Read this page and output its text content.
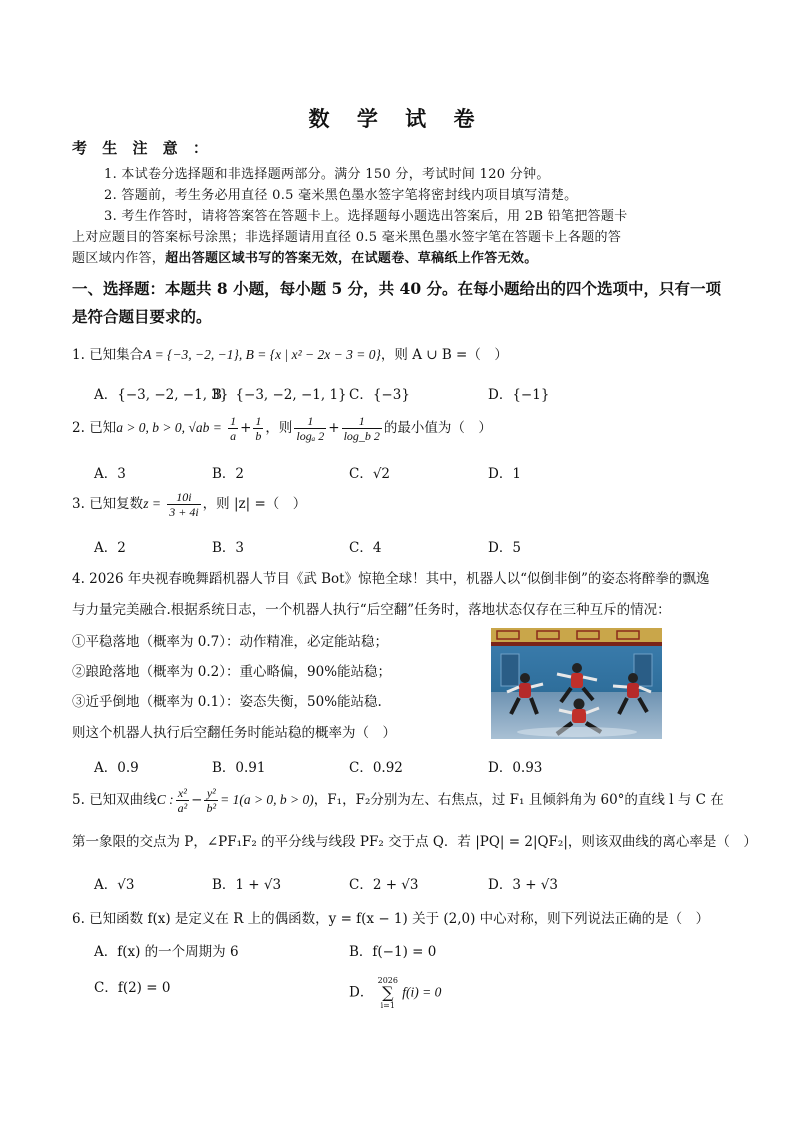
数 学 试 卷
考 生 注 意 ：
1. 本试卷分选择题和非选择题两部分。满分 150 分，考试时间 120 分钟。
2. 答题前，考生务必用直径 0.5 毫米黑色墨水签字笔将密封线内项目填写清楚。
3. 考生作答时，请将答案答在答题卡上。选择题每小题选出答案后，用 2B 铅笔把答题卡
上对应题目的答案标号涂黑；非选择题请用直径 0.5 毫米黑色墨水签字笔在答题卡上各题的答
题区域内作答，超出答题区域书写的答案无效，在试题卷、草稿纸上作答无效。
一、选择题：本题共 8 小题，每小题 5 分，共 40 分。在每小题给出的四个选项中，只有一项
是符合题目要求的。
1. 已知集合A = {−3, −2, −1}, B = {x | x² − 2x − 3 = 0}，则 A ∪ B =（　）
A．{−3, −2, −1, 3}
B．{−3, −2, −1, 1} C．{−3}	D．{−1}
2. 已知a > 0, b > 0, $√ab = \frac{1}{a} + \frac{1}{b}$ ，则 $\frac{1}{\text{logₐ 2}} + \frac{1}{\log\_b 2}$ 的最小值为（　）
A．3	B．2	C．√2	D．1
3. 已知复数$z = \frac{10i}{3 + 4i}$ ，则 |z| =（　）
A．2	B．3	C．4	D．5
4. 2026 年央视春晚舞蹈机器人节目《武 Bot》惊艳全球！其中，机器人以“似倒非倒”的姿态将醉拳的飘逸
与力量完美融合.根据系统日志，一个机器人执行“后空翻”任务时，落地状态仅存在三种互斥的情况：
①平稳落地（概率为 0.7）：动作精准，必定能站稳；
②踉跄落地（概率为 0.2）：重心略偏，90%能站稳；
③近乎倒地（概率为 0.1）：姿态失衡，50%能站稳.
则这个机器人执行后空翻任务时能站稳的概率为（　）
A．0.9	B．0.91	C．0.92	D．0.93
5. 已知双曲线C : $\frac{\text{x²}}{\text{a²}} - \frac{\text{y²}}{\text{b²}} = 1(a > 0$, b > 0)，F₁，F₂分别为左、右焦点，过 F₁ 且倾斜角为 60°的直线 l 与 C 在
第一象限的交点为 P，∠PF₁F₂ 的平分线与线段 PF₂ 交于点 Q．若 |PQ| = 2|QF₂|，则该双曲线的离心率是（　）
A．√3	B．1 + √3	C．2 + √3	D．3 + √3
6. 已知函数 f(x) 是定义在 R 上的偶函数，y = f(x − 1) 关于 (2,0) 中心对称，则下列说法正确的是（　）
A．f(x) 的一个周期为 6	B．f(−1) = 0
C．f(2) = 0	D．
2026
∑
i=1
f(i) = 0
